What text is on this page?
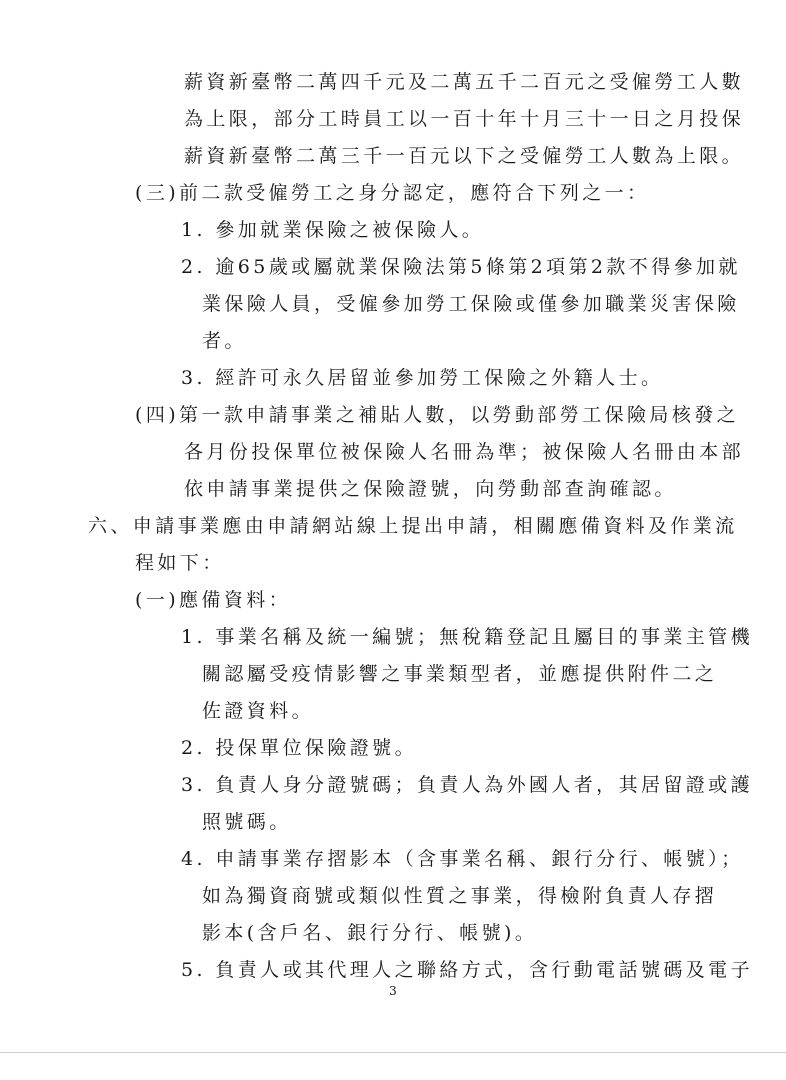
薪資新臺幣二萬四千元及二萬五千二百元之受僱勞工人數
為上限，部分工時員工以一百十年十月三十一日之月投保
薪資新臺幣二萬三千一百元以下之受僱勞工人數為上限。
(三)前二款受僱勞工之身分認定，應符合下列之一：
1. 參加就業保險之被保險人。
2. 逾65歲或屬就業保險法第5條第2項第2款不得參加就
業保險人員，受僱參加勞工保險或僅參加職業災害保險
者。
3. 經許可永久居留並參加勞工保險之外籍人士。
(四)第一款申請事業之補貼人數，以勞動部勞工保險局核發之
各月份投保單位被保險人名冊為準；被保險人名冊由本部
依申請事業提供之保險證號，向勞動部查詢確認。
六、申請事業應由申請網站線上提出申請，相關應備資料及作業流
程如下：
(一)應備資料：
1. 事業名稱及統一編號；無稅籍登記且屬目的事業主管機
關認屬受疫情影響之事業類型者，並應提供附件二之
佐證資料。
2. 投保單位保險證號。
3. 負責人身分證號碼；負責人為外國人者，其居留證或護
照號碼。
4. 申請事業存摺影本（含事業名稱、銀行分行、帳號）；
如為獨資商號或類似性質之事業，得檢附負責人存摺
影本(含戶名、銀行分行、帳號)。
5. 負責人或其代理人之聯絡方式，含行動電話號碼及電子
3
